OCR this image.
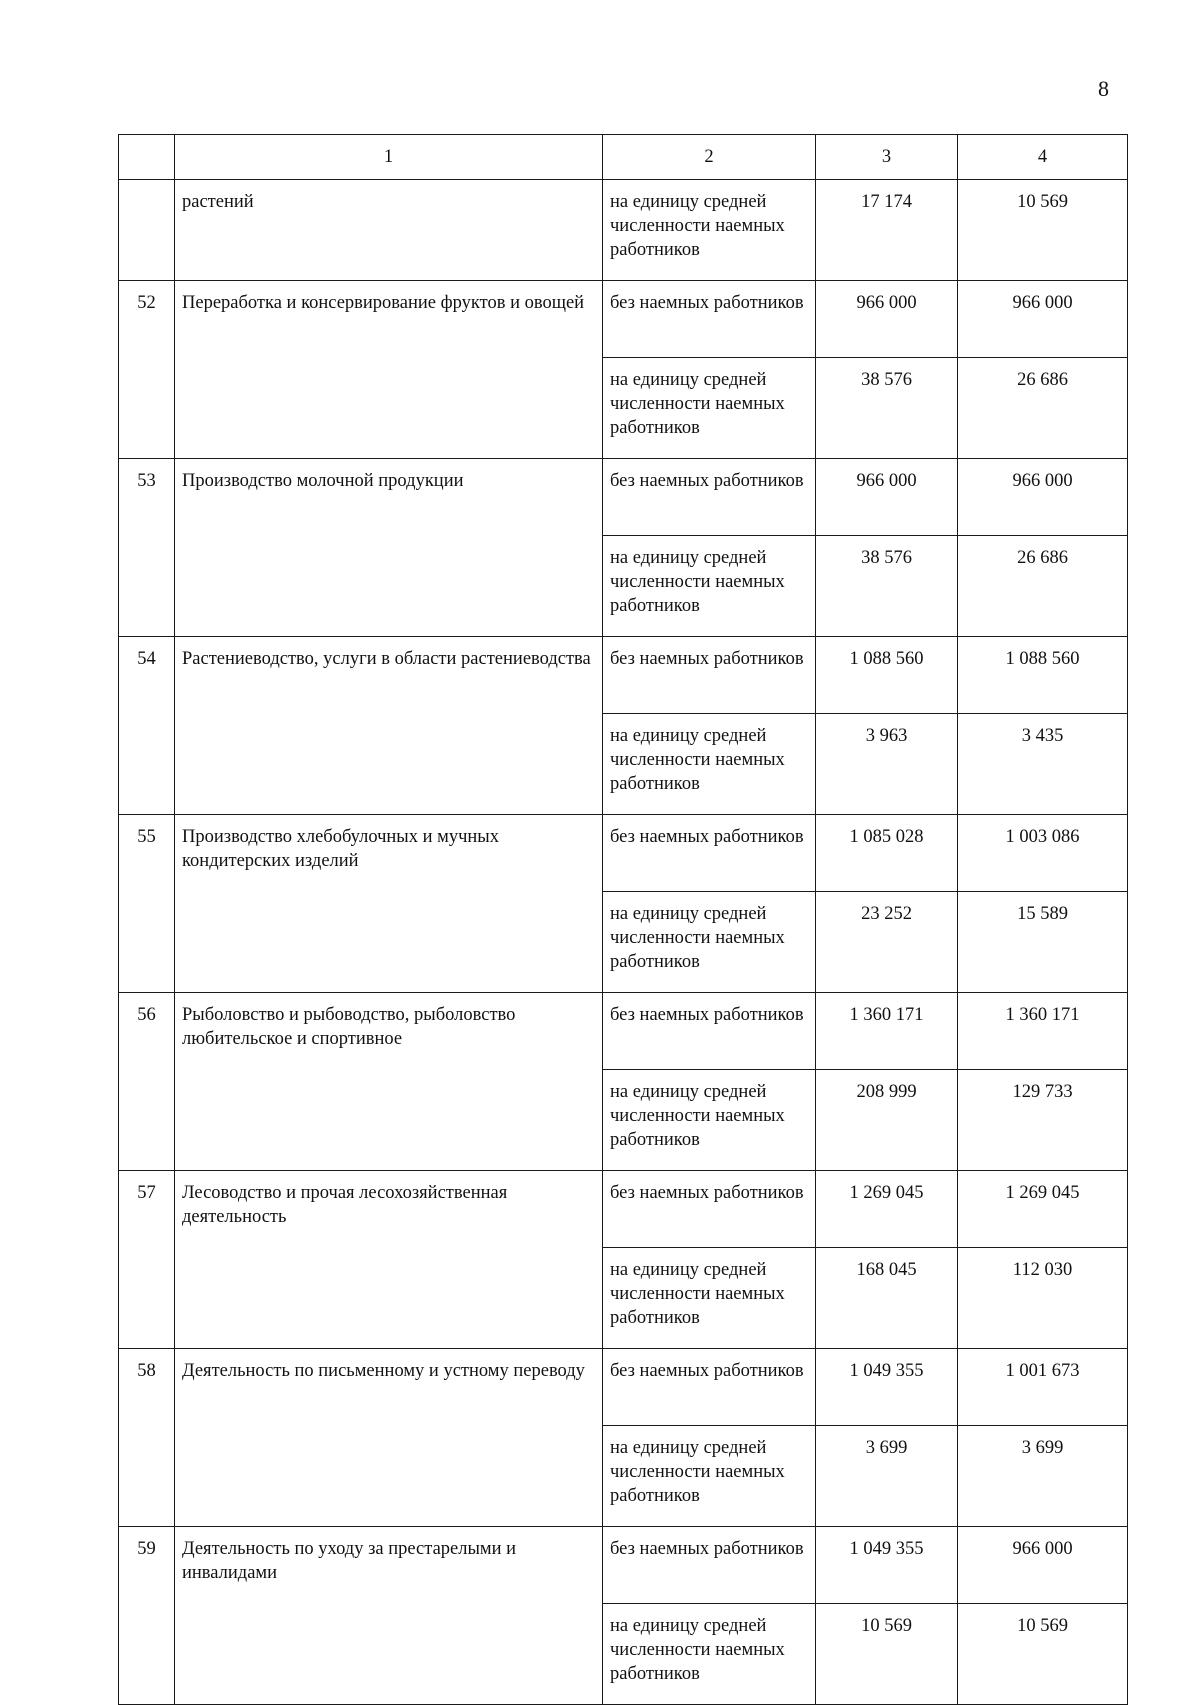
8
	1	2	3	4
	растений	на единицу средней численности наемных работников	17 174	10 569
52	Переработка и консервирование фруктов и овощей	без наемных работников	966 000	966 000
		на единицу средней численности наемных работников	38 576	26 686
53	Производство молочной продукции	без наемных работников	966 000	966 000
		на единицу средней численности наемных работников	38 576	26 686
54	Растениеводство, услуги в области растениеводства	без наемных работников	1 088 560	1 088 560
		на единицу средней численности наемных работников	3 963	3 435
55	Производство хлебобулочных и мучных кондитерских изделий	без наемных работников	1 085 028	1 003 086
		на единицу средней численности наемных работников	23 252	15 589
56	Рыболовство и рыбоводство, рыболовство любительское и спортивное	без наемных работников	1 360 171	1 360 171
		на единицу средней численности наемных работников	208 999	129 733
57	Лесоводство и прочая лесохозяйственная деятельность	без наемных работников	1 269 045	1 269 045
		на единицу средней численности наемных работников	168 045	112 030
58	Деятельность по письменному и устному переводу	без наемных работников	1 049 355	1 001 673
		на единицу средней численности наемных работников	3 699	3 699
59	Деятельность по уходу за престарелыми и инвалидами	без наемных работников	1 049 355	966 000
		на единицу средней численности наемных работников	10 569	10 569
